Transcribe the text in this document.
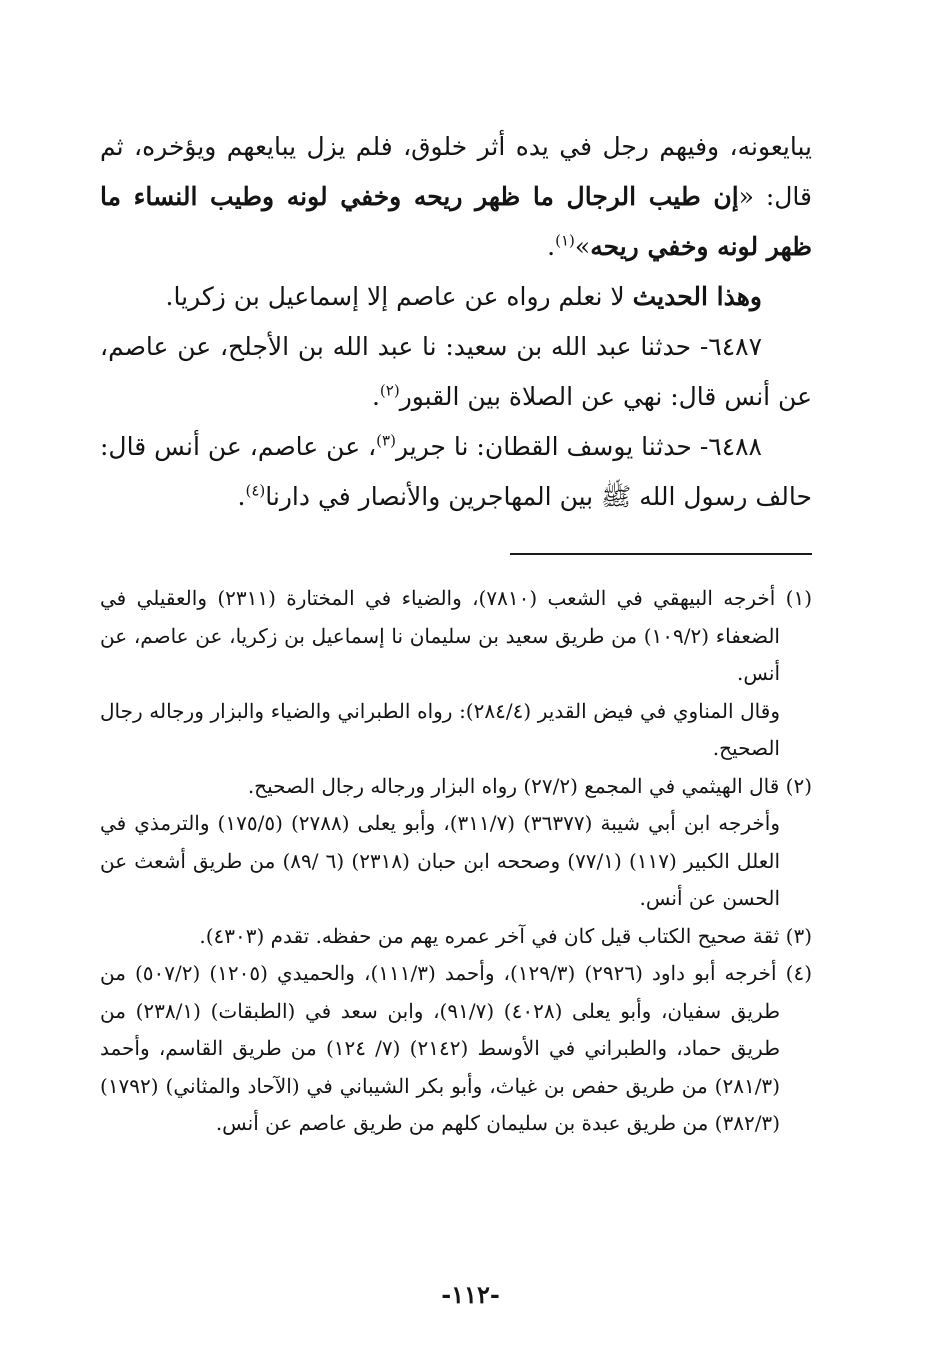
يبايعونه، وفيهم رجل في يده أثر خلوق، فلم يزل يبايعهم ويؤخره، ثم قال: «إن طيب الرجال ما ظهر ريحه وخفي لونه وطيب النساء ما ظهر لونه وخفي ريحه»$^{(١)}$.

وهذا الحديث لا نعلم رواه عن عاصم إلا إسماعيل بن زكريا.

٦٤٨٧- حدثنا عبد الله بن سعيد: نا عبد الله بن الأجلح، عن عاصم، عن أنس قال: نهي عن الصلاة بين القبور$^{(٢)}$.

٦٤٨٨- حدثنا يوسف القطان: نا جرير$^{(٣)}$، عن عاصم، عن أنس قال: حالف رسول الله ﷺ بين المهاجرين والأنصار في دارنا$^{(٤)}$.

(١) أخرجه البيهقي في الشعب (٧٨١٠)، والضياء في المختارة (٢٣١١) والعقيلي في الضعفاء (١٠٩/٢) من طريق سعيد بن سليمان نا إسماعيل بن زكريا، عن عاصم، عن أنس.

وقال المناوي في فيض القدير (٢٨٤/٤): رواه الطبراني والضياء والبزار ورجاله رجال الصحيح.

(٢) قال الهيثمي في المجمع (٢٧/٢) رواه البزار ورجاله رجال الصحيح.

وأخرجه ابن أبي شيبة (٣٦٣٧٧) (٣١١/٧)، وأبو يعلى (٢٧٨٨) (١٧٥/٥) والترمذي في العلل الكبير (١١٧) (٧٧/١) وصححه ابن حبان (٢٣١٨) (٦ /٨٩) من طريق أشعث عن الحسن عن أنس.

(٣) ثقة صحيح الكتاب قيل كان في آخر عمره يهم من حفظه. تقدم (٤٣٠٣).

(٤) أخرجه أبو داود (٢٩٢٦) (١٢٩/٣)، وأحمد (١١١/٣)، والحميدي (١٢٠٥) (٥٠٧/٢) من طريق سفيان، وأبو يعلى (٤٠٢٨) (٩١/٧)، وابن سعد في (الطبقات) (٢٣٨/١) من طريق حماد، والطبراني في الأوسط (٢١٤٢) (٧/ ١٢٤) من طريق القاسم، وأحمد (٢٨١/٣) من طريق حفص بن غياث، وأبو بكر الشيباني في (الآحاد والمثاني) (١٧٩٢) (٣٨٢/٣) من طريق عبدة بن سليمان كلهم من طريق عاصم عن أنس.

-١١٢-
